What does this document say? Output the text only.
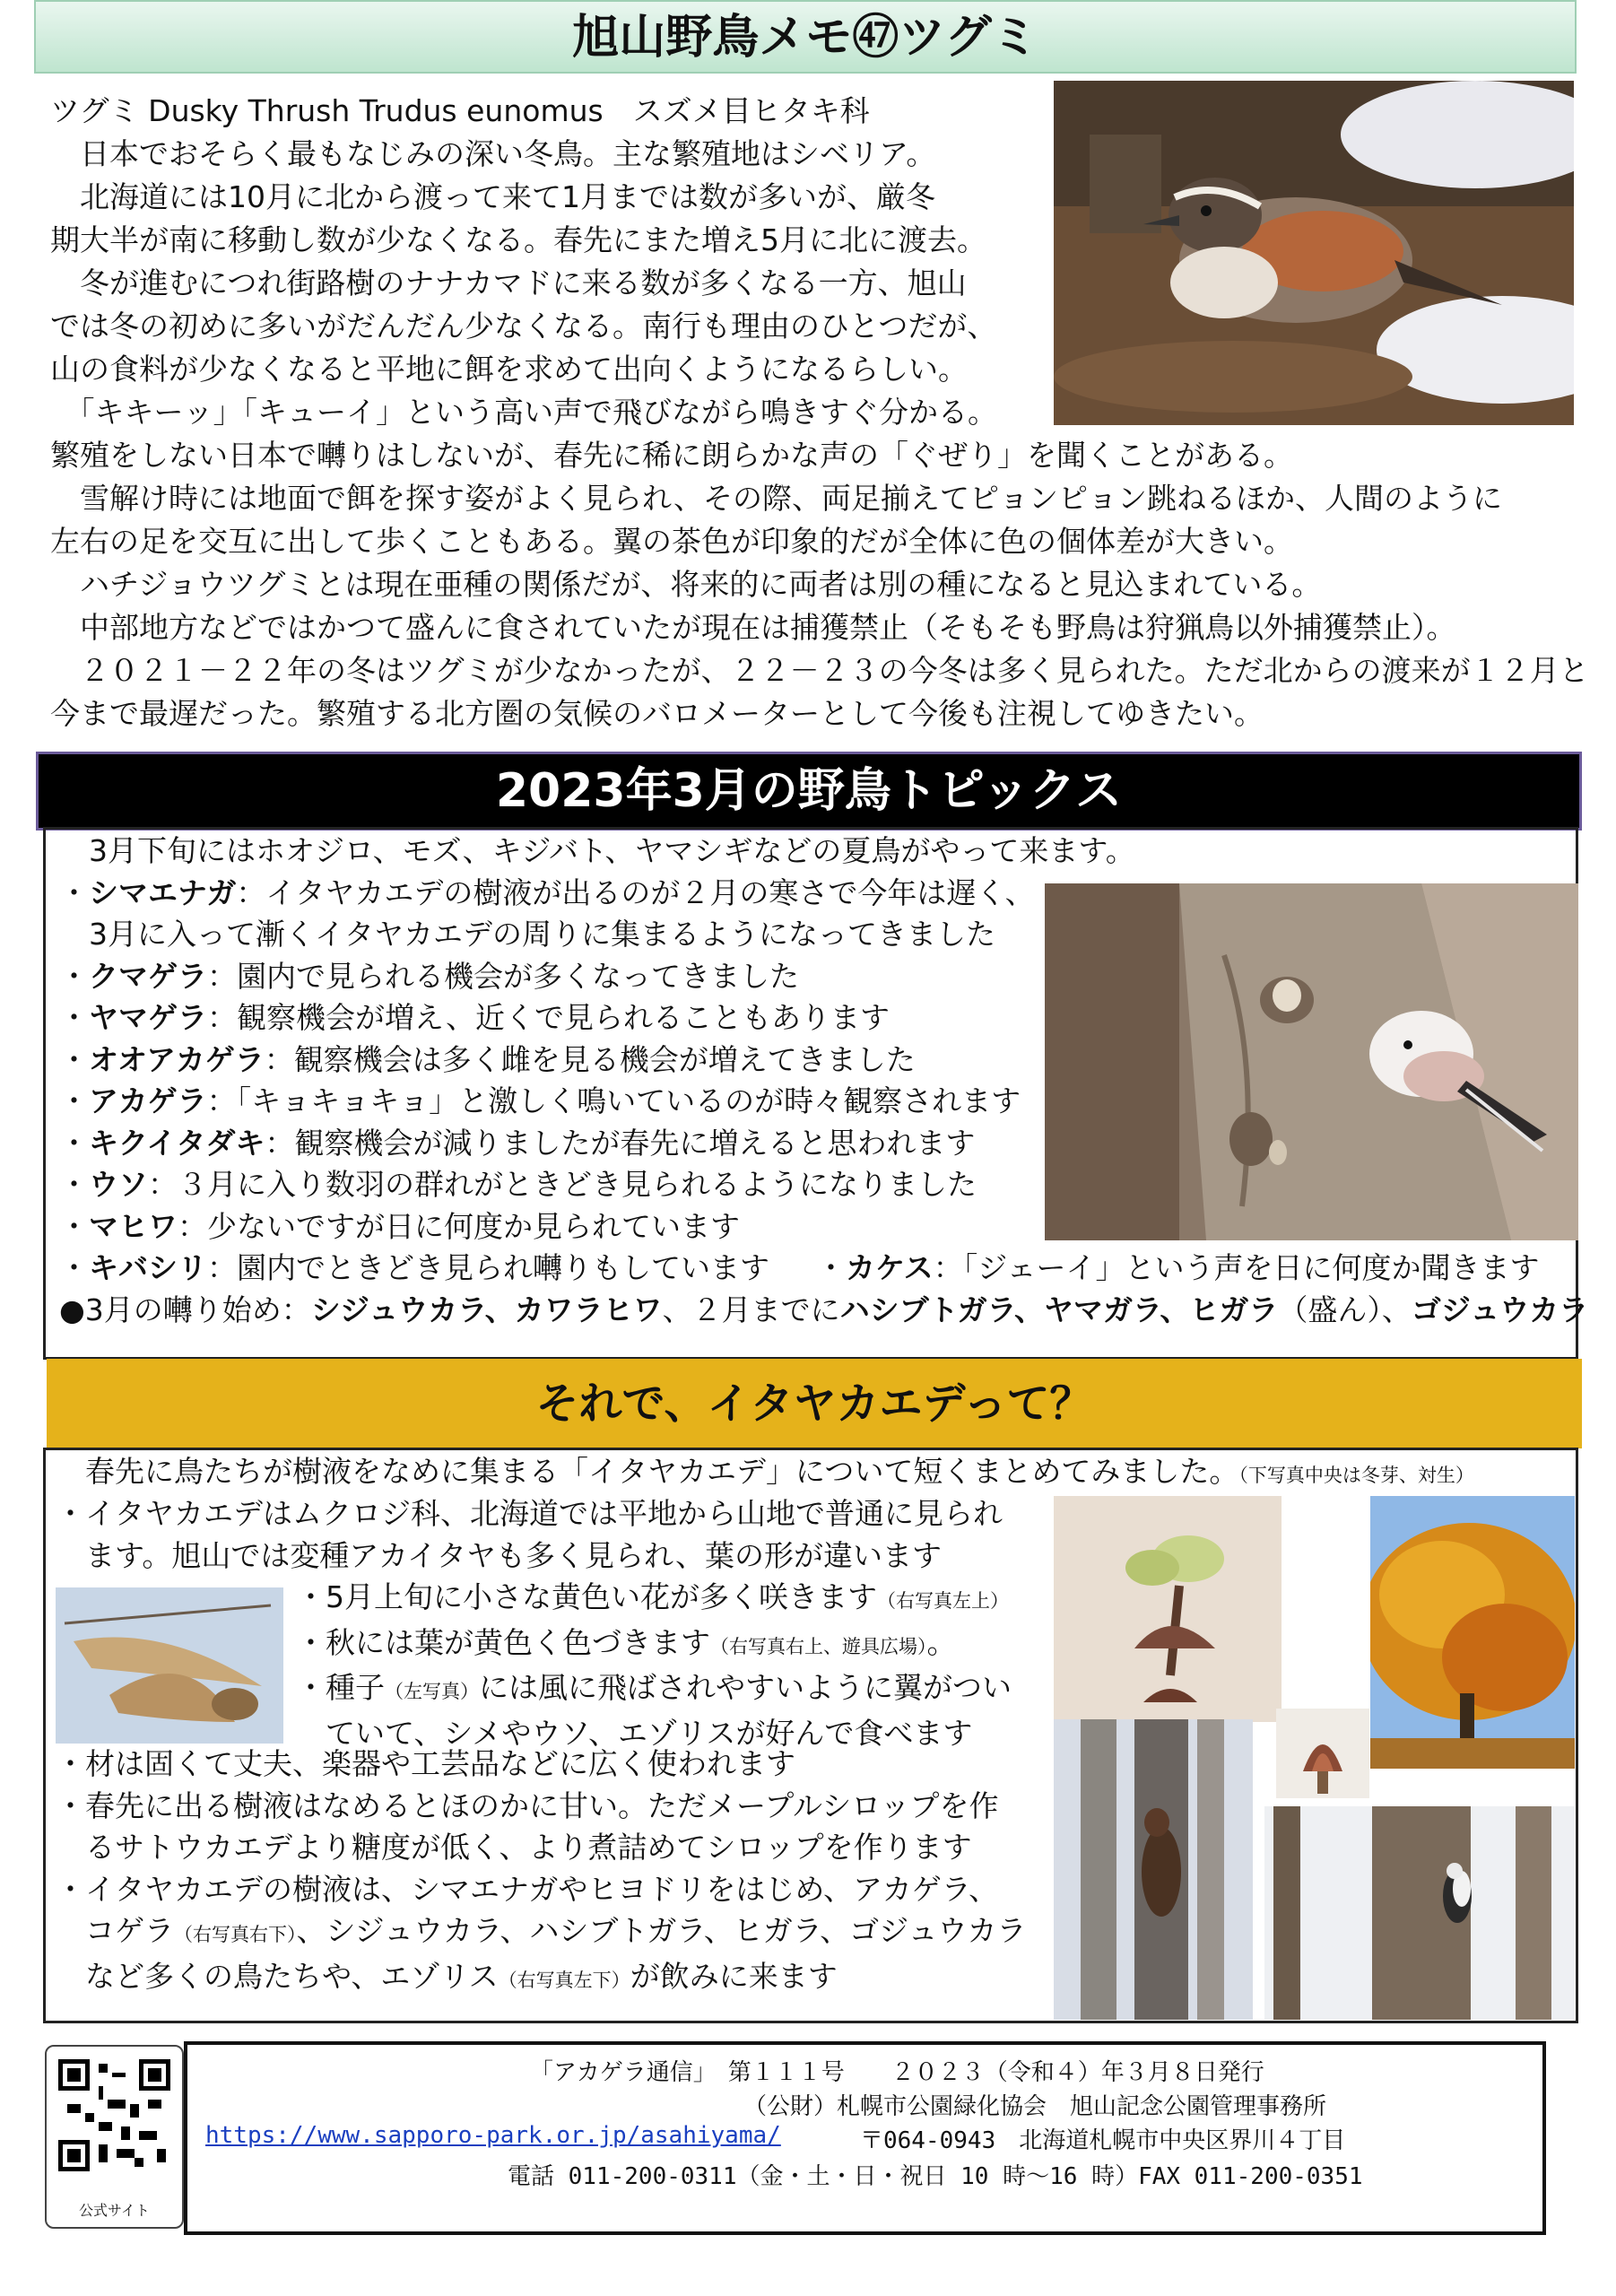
旭山野鳥メモ㊼ツグミ

ツグミ Dusky Thrush Trudus eunomus　スズメ目ヒタキ科

　日本でおそらく最もなじみの深い冬鳥。主な繁殖地はシベリア。

　北海道には10月に北から渡って来て1月までは数が多いが、厳冬

期大半が南に移動し数が少なくなる。春先にまた増え5月に北に渡去。

　冬が進むにつれ街路樹のナナカマドに来る数が多くなる一方、旭山

では冬の初めに多いがだんだん少なくなる。南行も理由のひとつだが、

山の食料が少なくなると平地に餌を求めて出向くようになるらしい。

　「キキーッ」「キューイ」という高い声で飛びながら鳴きすぐ分かる。

繁殖をしない日本で囀りはしないが、春先に稀に朗らかな声の「ぐぜり」を聞くことがある。

　雪解け時には地面で餌を探す姿がよく見られ、その際、両足揃えてピョンピョン跳ねるほか、人間のように

左右の足を交互に出して歩くこともある。翼の茶色が印象的だが全体に色の個体差が大きい。

　ハチジョウツグミとは現在亜種の関係だが、将来的に両者は別の種になると見込まれている。

　中部地方などではかつて盛んに食されていたが現在は捕獲禁止（そもそも野鳥は狩猟鳥以外捕獲禁止）。

　２０２１－２２年の冬はツグミが少なかったが、２２－２３の今冬は多く見られた。ただ北からの渡来が１２月と

今まで最遅だった。繁殖する北方圏の気候のバロメーターとして今後も注視してゆきたい。

2023年3月の野鳥トピックス

　3月下旬にはホオジロ、モズ、キジバト、ヤマシギなどの夏鳥がやって来ます。

・シマエナガ：イタヤカエデの樹液が出るのが２月の寒さで今年は遅く、

　3月に入って漸くイタヤカエデの周りに集まるようになってきました

・クマゲラ：園内で見られる機会が多くなってきました

・ヤマゲラ：観察機会が増え、近くで見られることもあります

・オオアカゲラ：観察機会は多く雌を見る機会が増えてきました

・アカゲラ：「キョキョキョ」と激しく鳴いているのが時々観察されます

・キクイタダキ：観察機会が減りましたが春先に増えると思われます

・ウソ：３月に入り数羽の群れがときどき見られるようになりました

・マヒワ：少ないですが日に何度か見られています

・キバシリ：園内でときどき見られ囀りもしています ・カケス：「ジェーイ」という声を日に何度か聞きます

●3月の囀り始め：シジュウカラ、カワラヒワ、２月までにハシブトガラ、ヤマガラ、ヒガラ（盛ん）、ゴジュウカラ

それで、イタヤカエデって？
　春先に鳥たちが樹液をなめに集まる「イタヤカエデ」について短くまとめてみました。（下写真中央は冬芽、対生）

・イタヤカエデはムクロジ科、北海道では平地から山地で普通に見られ

ます。旭山では変種アカイタヤも多く見られ、葉の形が違います

・5月上旬に小さな黄色い花が多く咲きます（右写真左上）

・秋には葉が黄色く色づきます（右写真右上、遊具広場）。

・種子（左写真）には風に飛ばされやすいように翼がつい

ていて、シメやウソ、エゾリスが好んで食べます

・材は固くて丈夫、楽器や工芸品などに広く使われます

・春先に出る樹液はなめるとほのかに甘い。ただメープルシロップを作

るサトウカエデより糖度が低く、より煮詰めてシロップを作ります

・イタヤカエデの樹液は、シマエナガやヒヨドリをはじめ、アカゲラ、

コゲラ（右写真右下）、シジュウカラ、ハシブトガラ、ヒガラ、ゴジュウカラ

など多くの鳥たちや、エゾリス（右写真左下）が飲みに来ます

公式サイト
「アカゲラ通信」　第１１１号　　２０２３（令和４）年３月８日発行
（公財）札幌市公園緑化協会　旭山記念公園管理事務所
https://www.sapporo-park.or.jp/asahiyama/	〒064-0943　北海道札幌市中央区界川４丁目
電話 011-200-0311（金・土・日・祝日 10 時～16 時）FAX 011-200-0351
